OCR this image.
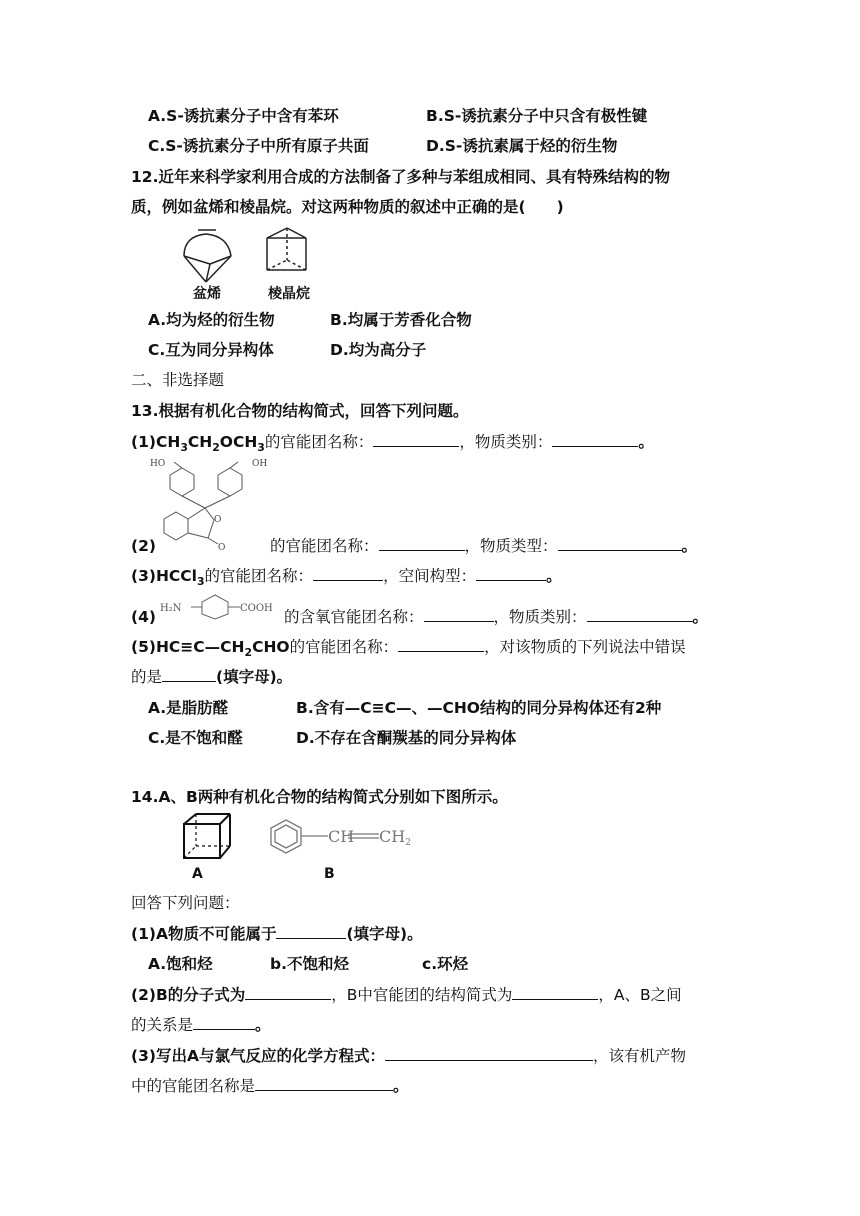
A.S-诱抗素分子中含有苯环	B.S-诱抗素分子中只含有极性键
C.S-诱抗素分子中所有原子共面	D.S-诱抗素属于烃的衍生物
12.近年来科学家利用合成的方法制备了多种与苯组成相同、具有特殊结构的物
质，例如盆烯和棱晶烷。对这两种物质的叙述中正确的是(　　)
盆烯	棱晶烷
A.均为烃的衍生物	B.均属于芳香化合物
C.互为同分异构体	D.均为高分子
二、非选择题
13.根据有机化合物的结构简式，回答下列问题。
$(1)CH_3CH_2OCH_3$的官能团名称：	，物质类别：	。
HO	OH
O
O
(2)	的官能团名称：	，物质类型：	。
(3)HCCl$_3$的官能团名称：	，空间构型：	。
(4) H₂N	COOH 的含氧官能团名称：	，物质类别：	。
$(5)HC\equiv C—CH_2CHO$的官能团名称：	，对该物质的下列说法中错误
的是	(填字母)。
A.是脂肪醛	B.含有—C≡C—、—CHO结构的同分异构体还有2种
C.是不饱和醛	D.不存在含酮羰基的同分异构体
14.A、B两种有机化合物的结构简式分别如下图所示。
CH CH2
A	B
回答下列问题：
(1)A物质不可能属于	(填字母)。
A.饱和烃	b.不饱和烃	c.环烃
(2)B的分子式为	，B中官能团的结构简式为	，A、B之间
的关系是	。
(3)写出A与氯气反应的化学方程式：	，该有机产物
中的官能团名称是	。
